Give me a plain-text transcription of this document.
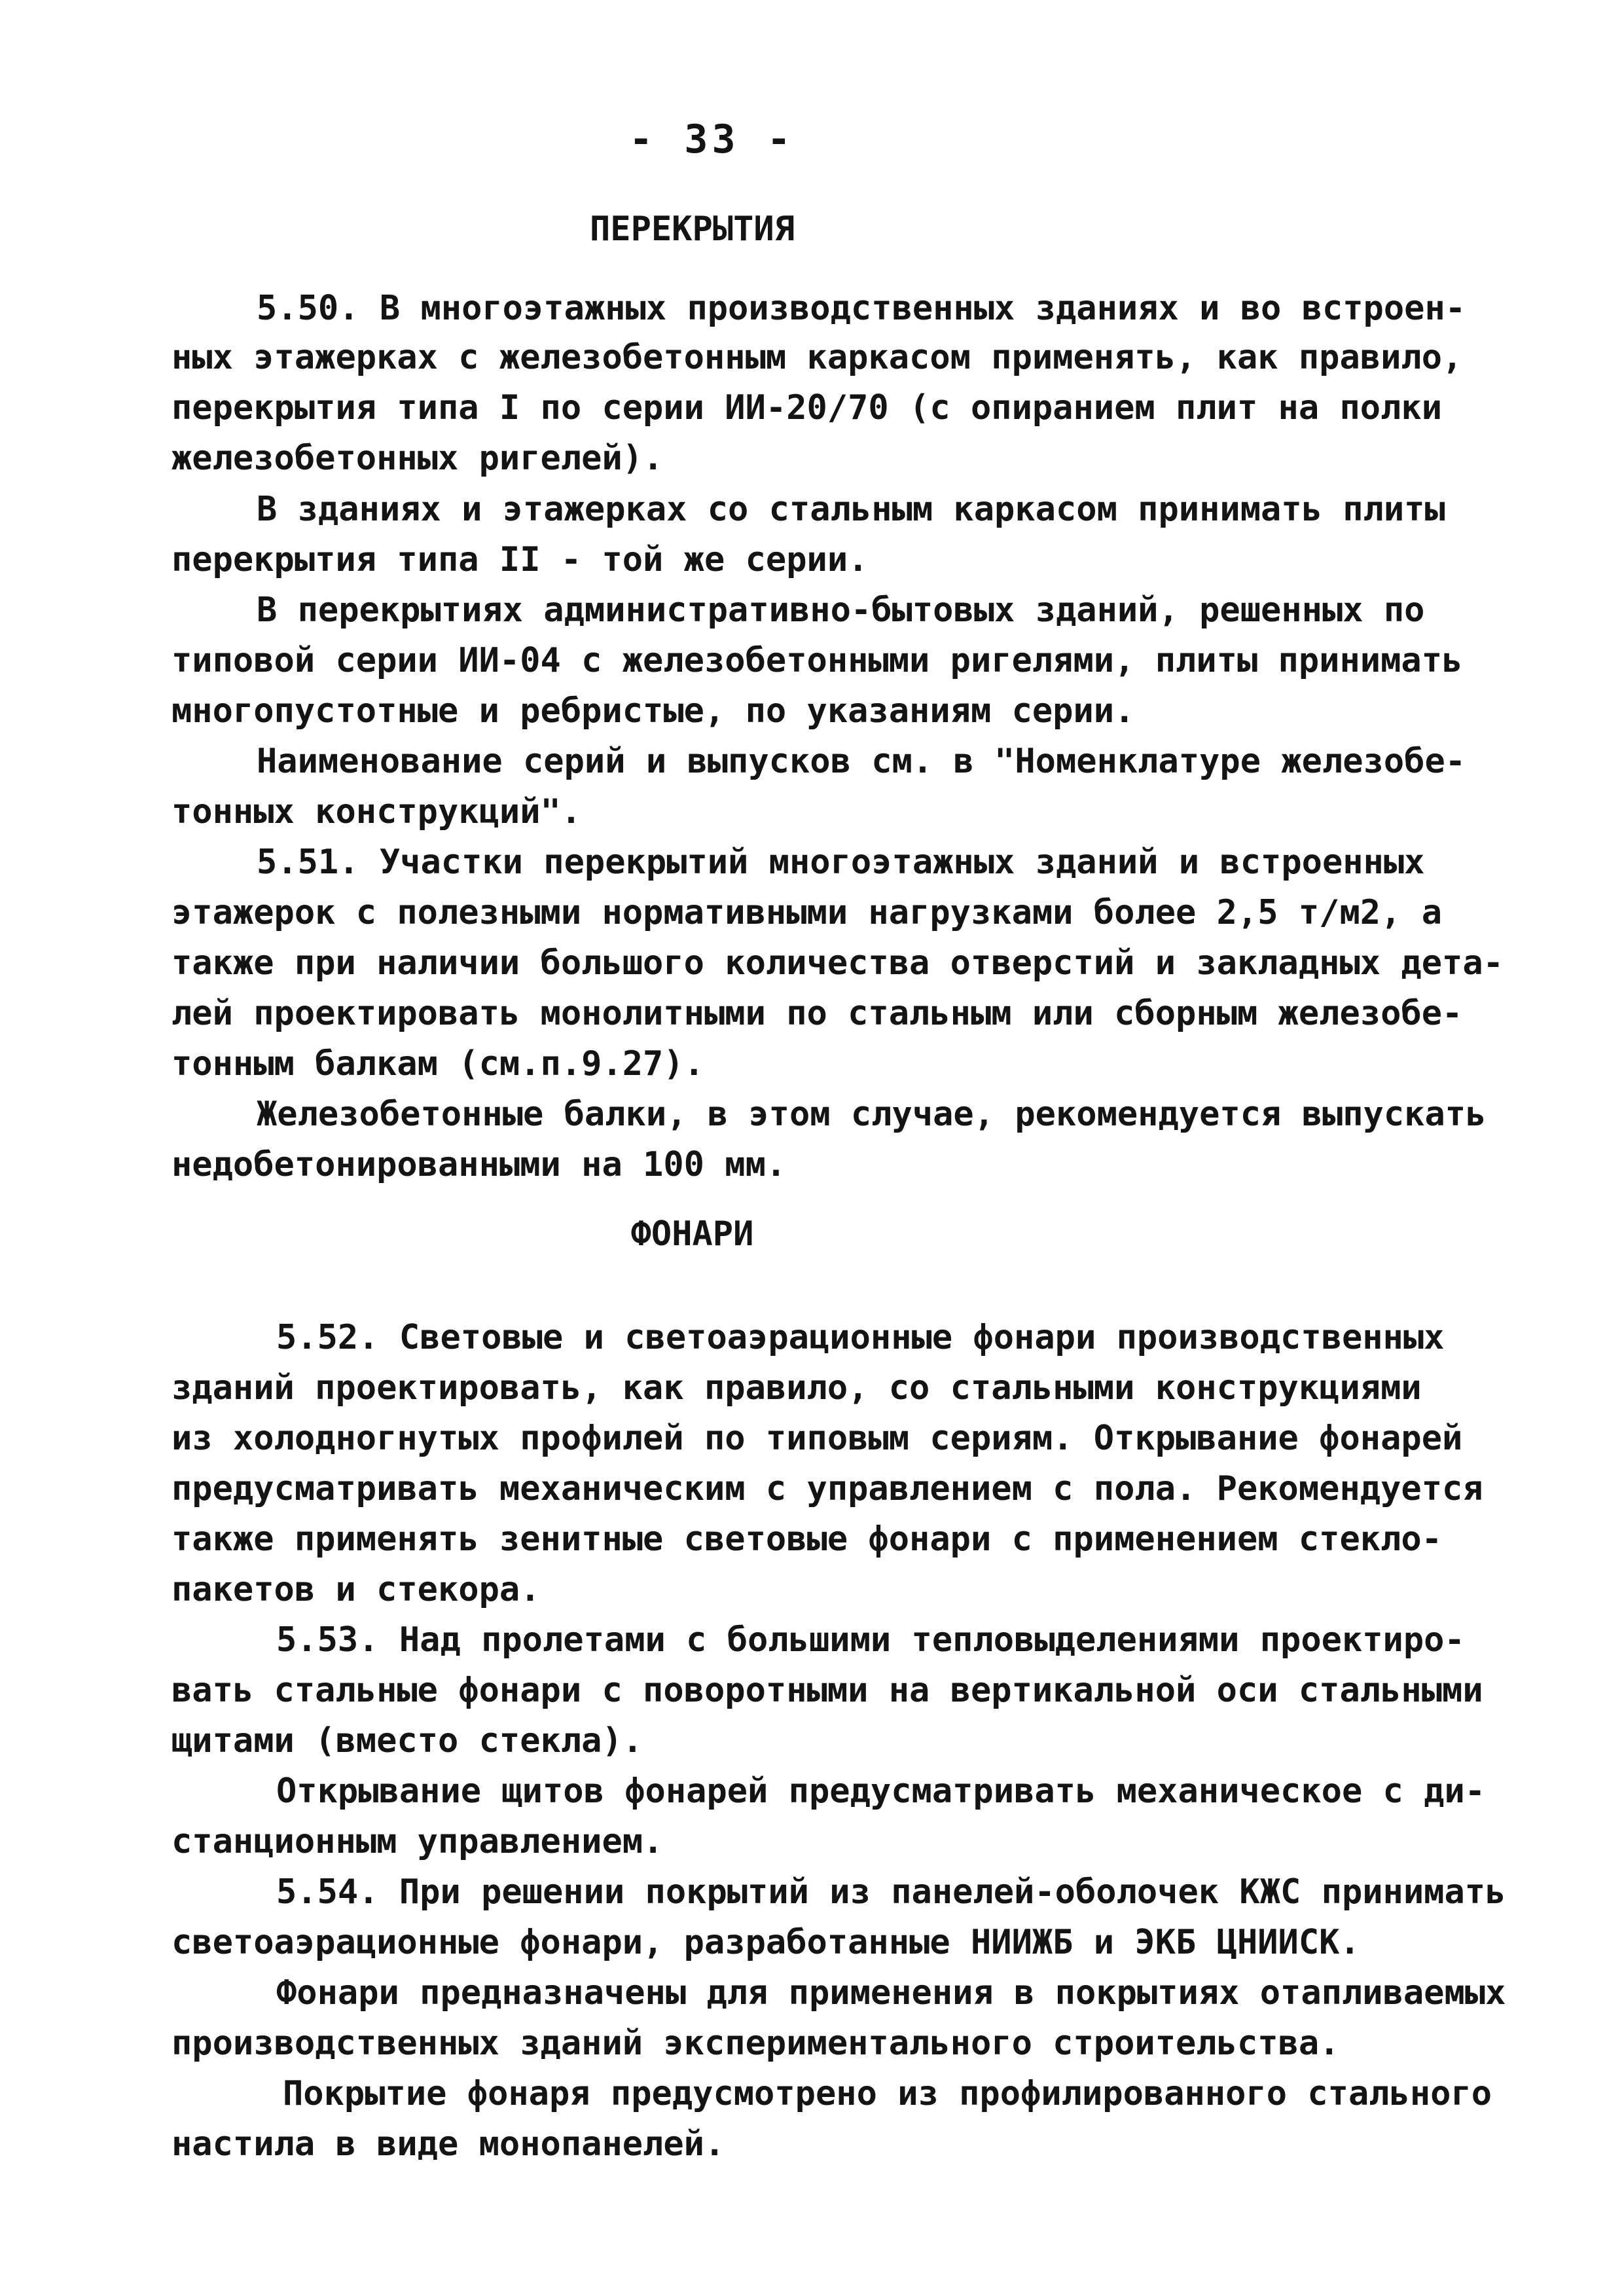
- 33 -
ПЕРЕКРЫТИЯ
5.50. В многоэтажных производственных зданиях и во встроен-
ных этажерках с железобетонным каркасом применять, как правило,
перекрытия типа I по серии ИИ-20/70 (с опиранием плит на полки
железобетонных ригелей).
В зданиях и этажерках со стальным каркасом принимать плиты
перекрытия типа II - той же серии.
В перекрытиях административно-бытовых зданий, решенных по
типовой серии ИИ-04 с железобетонными ригелями, плиты принимать
многопустотные и ребристые, по указаниям серии.
Наименование серий и выпусков см. в "Номенклатуре железобе-
тонных конструкций".
5.51. Участки перекрытий многоэтажных зданий и встроенных
этажерок с полезными нормативными нагрузками более 2,5 т/м2, а
также при наличии большого количества отверстий и закладных дета-
лей проектировать монолитными по стальным или сборным железобе-
тонным балкам (см.п.9.27).
Железобетонные балки, в этом случае, рекомендуется выпускать
недобетонированными на 100 мм.
ФОНАРИ
5.52. Световые и светоаэрационные фонари производственных
зданий проектировать, как правило, со стальными конструкциями
из холодногнутых профилей по типовым сериям. Открывание фонарей
предусматривать механическим с управлением с пола. Рекомендуется
также применять зенитные световые фонари с применением стекло-
пакетов и стекора.
5.53. Над пролетами с большими тепловыделениями проектиро-
вать стальные фонари с поворотными на вертикальной оси стальными
щитами (вместо стекла).
Открывание щитов фонарей предусматривать механическое с ди-
станционным управлением.
5.54. При решении покрытий из панелей-оболочек КЖС принимать
светоаэрационные фонари, разработанные НИИЖБ и ЭКБ ЦНИИСК.
Фонари предназначены для применения в покрытиях отапливаемых
производственных зданий экспериментального строительства.
Покрытие фонаря предусмотрено из профилированного стального
настила в виде монопанелей.
